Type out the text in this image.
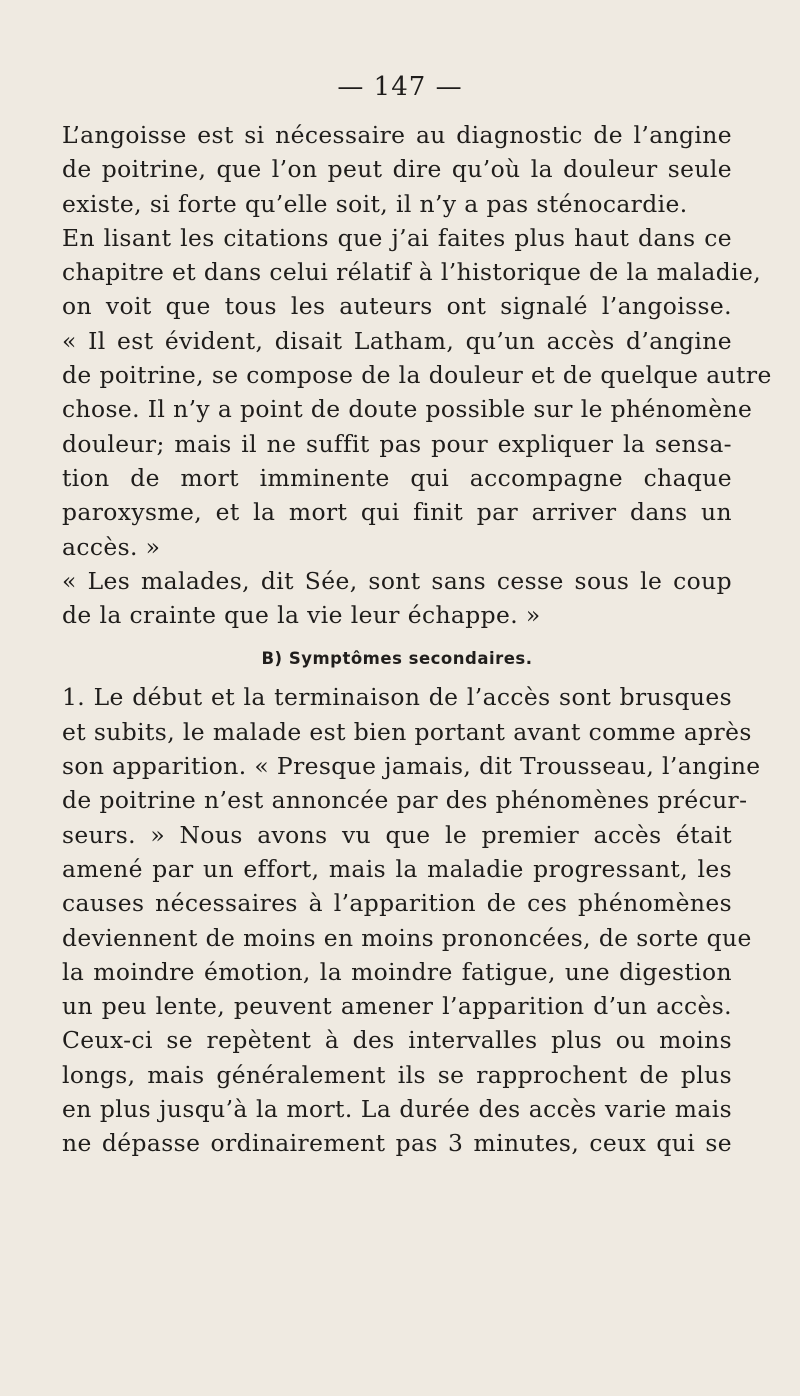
— 147 —
L’angoisse est si nécessaire au diagnostic de l’angine
de poitrine, que l’on peut dire qu’où la douleur seule
existe, si forte qu’elle soit, il n’y a pas sténocardie.
En lisant les citations que j’ai faites plus haut dans ce
chapitre et dans celui rélatif à l’historique de la maladie,
on voit que tous les auteurs ont signalé l’angoisse.
« Il est évident, disait Latham, qu’un accès d’angine
de poitrine, se compose de la douleur et de quelque autre
chose. Il n’y a point de doute possible sur le phénomène
douleur; mais il ne suffit pas pour expliquer la sensa-
tion de mort imminente qui accompagne chaque
paroxysme, et la mort qui finit par arriver dans un
accès. »
« Les malades, dit Sée, sont sans cesse sous le coup
de la crainte que la vie leur échappe. »
B) Symptômes secondaires.
1. Le début et la terminaison de l’accès sont brusques
et subits, le malade est bien portant avant comme après
son apparition. « Presque jamais, dit Trousseau, l’angine
de poitrine n’est annoncée par des phénomènes précur-
seurs. » Nous avons vu que le premier accès était
amené par un effort, mais la maladie progressant, les
causes nécessaires à l’apparition de ces phénomènes
deviennent de moins en moins prononcées, de sorte que
la moindre émotion, la moindre fatigue, une digestion
un peu lente, peuvent amener l’apparition d’un accès.
Ceux-ci se repètent à des intervalles plus ou moins
longs, mais généralement ils se rapprochent de plus
en plus jusqu’à la mort. La durée des accès varie mais
ne dépasse ordinairement pas 3 minutes, ceux qui se
